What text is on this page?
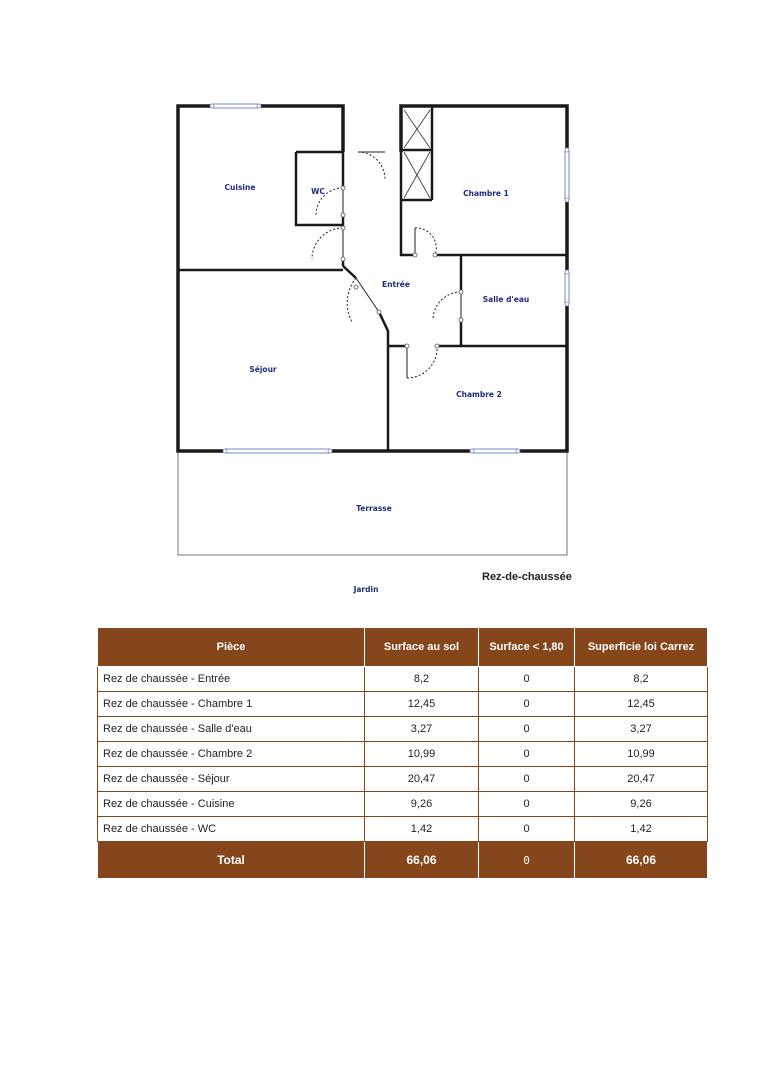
Cuisine	WC	Chambre 1
Entrée
Salle d'eau
Séjour
Chambre 2
Terrasse
Jardin
Rez-de-chaussée
Pièce	Surface au sol	Surface < 1,80	Superficie loi Carrez
Rez de chaussée - Entrée	8,2	0	8,2
Rez de chaussée - Chambre 1	12,45	0	12,45
Rez de chaussée - Salle d'eau	3,27	0	3,27
Rez de chaussée - Chambre 2	10,99	0	10,99
Rez de chaussée - Séjour	20,47	0	20,47
Rez de chaussée - Cuisine	9,26	0	9,26
Rez de chaussée - WC	1,42	0	1,42
Total	66,06	0	66,06
